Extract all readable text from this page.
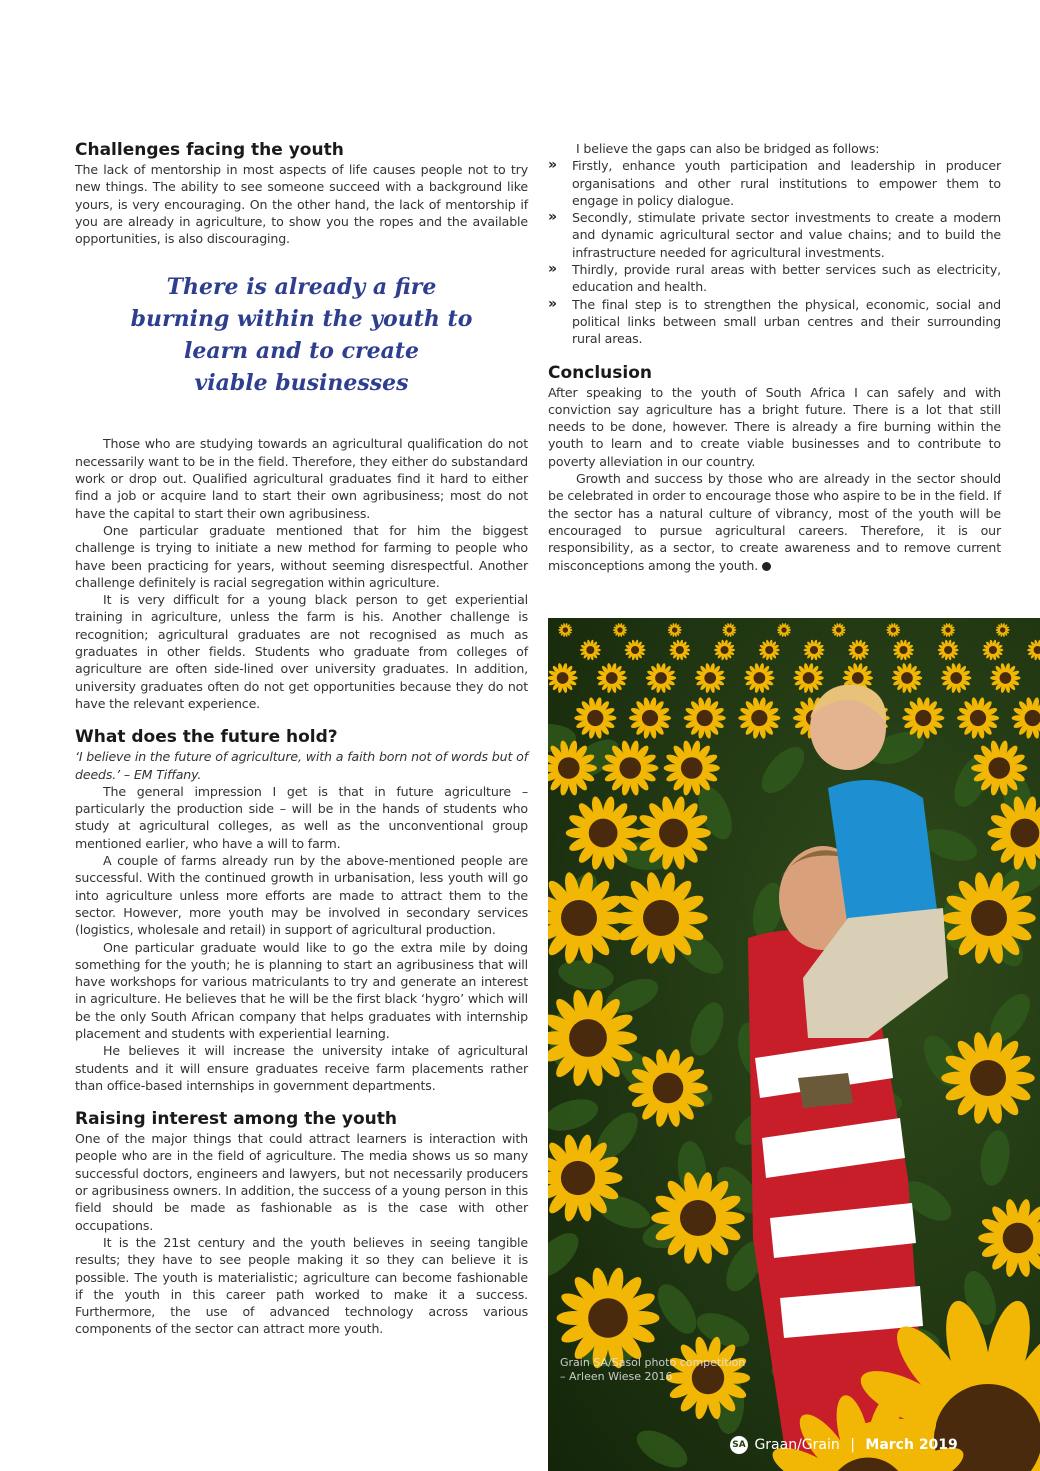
Challenges facing the youth

The lack of mentorship in most aspects of life causes people not to try new things. The ability to see someone succeed with a background like yours, is very encouraging. On the other hand, the lack of mentorship if you are already in agriculture, to show you the ropes and the available opportunities, is also discouraging.

There is already a fire
burning within the youth to
learn and to create
viable businesses

Those who are studying towards an agricultural qualification do not necessarily want to be in the field. Therefore, they either do substandard work or drop out. Qualified agricultural graduates find it hard to either find a job or acquire land to start their own agribusiness; most do not have the capital to start their own agribusiness.

One particular graduate mentioned that for him the biggest challenge is trying to initiate a new method for farming to people who have been practicing for years, without seeming disrespectful. Another challenge definitely is racial segregation within agriculture.

It is very difficult for a young black person to get experiential training in agriculture, unless the farm is his. Another challenge is recognition; agricultural graduates are not recognised as much as graduates in other fields. Students who graduate from colleges of agriculture are often side-lined over university graduates. In addition, university graduates often do not get opportunities because they do not have the relevant experience.

What does the future hold?

‘I believe in the future of agriculture, with a faith born not of words but of deeds.’ – EM Tiffany.

The general impression I get is that in future agriculture – particularly the production side – will be in the hands of students who study at agricultural colleges, as well as the unconventional group mentioned earlier, who have a will to farm.

A couple of farms already run by the above-mentioned people are successful. With the continued growth in urbanisation, less youth will go into agriculture unless more efforts are made to attract them to the sector. However, more youth may be involved in secondary services (logistics, wholesale and retail) in support of agricultural production.

One particular graduate would like to go the extra mile by doing something for the youth; he is planning to start an agribusiness that will have workshops for various matriculants to try and generate an interest in agriculture. He believes that he will be the first black ‘hygro’ which will be the only South African company that helps graduates with internship placement and students with experiential learning.

He believes it will increase the university intake of agricultural students and it will ensure graduates receive farm placements rather than office-based internships in government departments.

Raising interest among the youth

One of the major things that could attract learners is interaction with people who are in the field of agriculture. The media shows us so many successful doctors, engineers and lawyers, but not necessarily producers or agribusiness owners. In addition, the success of a young person in this field should be made as fashionable as is the case with other occupations.

It is the 21st century and the youth believes in seeing tangible results; they have to see people making it so they can believe it is possible. The youth is materialistic; agriculture can become fashionable if the youth in this career path worked to make it a success. Furthermore, the use of advanced technology across various components of the sector can attract more youth.

I believe the gaps can also be bridged as follows:

» Firstly, enhance youth participation and leadership in producer organisations and other rural institutions to empower them to engage in policy dialogue.

» Secondly, stimulate private sector investments to create a modern and dynamic agricultural sector and value chains; and to build the infrastructure needed for agricultural investments.

» Thirdly, provide rural areas with better services such as electricity, education and health.

» The final step is to strengthen the physical, economic, social and political links between small urban centres and their surrounding rural areas.

Conclusion

After speaking to the youth of South Africa I can safely and with conviction say agriculture has a bright future. There is a lot that still needs to be done, however. There is already a fire burning within the youth to learn and to create viable businesses and to contribute to poverty alleviation in our country.

Growth and success by those who are already in the sector should be celebrated in order to encourage those who aspire to be in the field. If the sector has a natural culture of vibrancy, most of the youth will be encouraged to pursue agricultural careers. Therefore, it is our responsibility, as a sector, to create awareness and to remove current misconceptions among the youth.

Grain SA/Sasol photo competition
– Arleen Wiese 2016
SA Graan/Grain | March 2019
